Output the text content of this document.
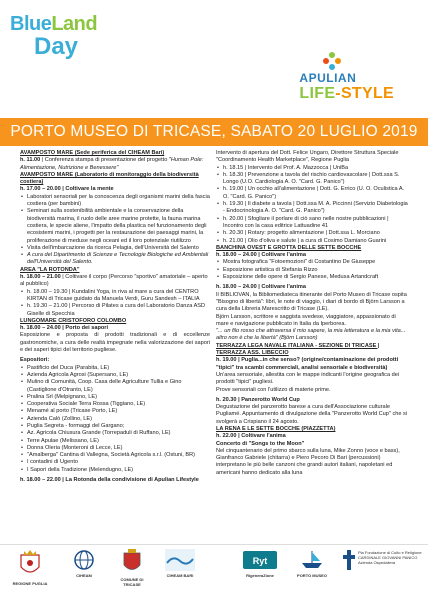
BlueLand
Day
APULIAN
LIFE-STYLE
PORTO MUSEO DI TRICASE, SABATO 20 LUGLIO 2019
AVAMPOSTO MARE (Sede periferica del CIHEAM Bari)

h. 11.00 | Conferenza stampa di presentazione del progetto "Human Pole: Alimentazione, Nutrizione e Benessere"

AVAMPOSTO MARE (Laboratorio di monitoraggio della biodiversità costiera)

h. 17.00 – 20.00 | Coltivare la mente

• Laboratori sensoriali per la conoscenza degli organismi marini della fascia costiera (per bambini)
• Seminari sulla sostenibilità ambientale e la conservazione della biodiversità marina, il ruolo delle aree marine protette, la fauna marina costiera, le specie aliene, l'impatto della plastica nel funzionamento degli ecosistemi marini, i progetti per la restaurazione dei paesaggi marini, la proliferazione di meduse negli oceani ed il loro potenziale riutilizzo
• Visita dell'imbarcazione da ricerca Pelagia, dell'Università del Salento
• A cura del Dipartimento di Scienze e Tecnologie Biologiche ed Ambientali dell'Università del Salento.
AREA "LA ROTONDA"

h. 18.00 – 21.00 | Coltivare il corpo (Percorso "sportivo" amatoriale – aperto al pubblico)

• h. 18.00 – 19.30 | Kundalini Yoga, in riva al mare a cura del CENTRO KIRTAN di Tricase guidato da Manuela Verdi, Guru Sandesh – ITALIA
• h. 19.30 – 21.00 | Percorso di Pilates a cura del Laboratorio Danza ASD Giselle di Specchia
LUNGOMARE CRISTOFORO COLOMBO

h. 18.00 – 24.00 | Porto dei sapori

Esposizione e proposta di prodotti tradizionali e di eccellenze gastronomiche, a cura delle realtà impegnate nella valorizzazione dei sapori e dei saperi tipici del territorio pugliese.

Espositori:

• Pastificio del Duca (Parabita, LE)
• Azienda Agricola Agrosi (Supersano, LE)
• Mulino di Comunità, Coop. Casa delle Agriculture Tullia e Gino (Castiglione d'Otranto, LE)
• Pralina Srl (Melpignano, LE)
• Cooperativa Sociale Terra Rossa (Tiggiano, LE)
• Menamé al porto (Tricase Porto, LE)
• Azienda Calò (Zollino, LE)
• Puglia Segreta - formaggi del Gargano;
• Az. Agricola Chiusura Grande (Torrepaduli di Ruffano, LE)
• Terre Apulae (Melissano, LE)
• Donna Oleria (Monteroni di Lecce, LE)
• "Amalberga" Cantina di Vallegna, Società Agricola s.r.l. (Ostuni, BR)
• I contadini di Ugento
• I Sapori della Tradizione (Melendugno, LE)

h. 18.00 – 22.00 | La Rotonda della condivisione di Apulian Lifestyle

Intervento di apertura del Dott. Felice Ungaro, Direttore Struttura Speciale "Coordinamento Health Marketplace", Regione Puglia

• h. 18.15 | Intervento del Prof. A. Mazzocca | UniBa
• h. 18.30 | Prevenzione a tavola del rischio cardiovascolare | Dott.ssa S. Longo (U.O. Cardiologia A. O. "Card. G. Panico")
• h. 19.00 | Un occhio all'alimentazione | Dott. G. Errico (U. O. Oculistica A. O. "Card. G. Panico")
• h. 19.30 | Il diabete a tavola | Dott.ssa M. A. Piccinni (Servizio Diabetologia - Endocrinologia A. O. "Card. G. Panico")
• h. 20.00 | Sfogliare il porlare di ciò sano nelle nostre pubblicazioni | Incontro con la casa editrice Lattuadine 41
• h. 20.30 | Rotary: progetto alimentazione | Dott.ssa L. Morciano
• h. 21.00 | Olio d'oliva e salute | a cura di Cosimo Damiano Guarini
BANCHINA OVEST E GROTTA DELLE SETTE BOCCHE

h. 18.00 – 24.00 | Coltivare l'anima

• Mostra fotografica "Fotoemozioni" di Costantino De Giuseppe
• Esposizione artistica di Stefania Rizzo
• Esposizione delle opere di Sergio Panese, Medusa Artandcraft

h. 18.00 – 24.00 | Coltivare l'anima

Il BIBLIOVAN, la Bibliomediateca itinerante del Porto Museo di Tricase ospita "Bisogno di libertà": libri, le note di viaggio, i diari di bordo di Björn Larsson a cura della Libreria Marescritto di Tricase (LE).

Björn Larsson, scrittore e saggista svedese, viaggiatore, appassionato di mare e navigazione pubblicato in Italia da Iperborea.

"... un filo rosso che attraversa il mio sapere, la mia letteratura e la mia vita... altro non è che la libertà" (Björn Larsson)

TERRAZZA LEGA NAVALE ITALIANA - SEZIONE DI TRICASE | TERRAZZA ASS. LIBECCIO

h. 19.00 | Puglia...in che senso? (origine/contaminazione dei prodotti "tipici" tra scambi commerciali, analisi sensoriale e biodiversità)

Un'area sensoriale, allestita con le mappe indicanti l'origine geografica dei prodotti "tipici" pugliesi.

Prove sensoriali con l'utilizzo di materie prime.

h. 20.30 | Panzerotto World Cup

Degustazione del panzerotto barese a cura dell'Associazione culturale Pugliamé. Appuntamento di divulgazione della "Panzerotto World Cup" che si svolgerà a Crispiano il 24 agosto.

LA RENA E LE SETTE BOCCHE (PIAZZETTA)

h. 22.00 | Coltivare l'anima

Concerto di "Songs to the Moon"

Nel cinquantenario del primo sbarco sulla luna, Mike Zonno (voce e bass), Gianfranco Gabriele (chitarra) e Piero Pecoro Di Bari (percussioni) interpretano le più belle canzoni che grandi autori italiani, napoletani ed americani hanno dedicato alla luna

REGIONE PUGLIA
CIHEAM
COMUNE DI TRICASE
CIHEAM BARI
Ryt
RigeneraZione	PORTO MUSEO
Pia Fondazione di Culto e Religione CARDINALE GIOVANNI PANICO Azienda Ospedaliera
